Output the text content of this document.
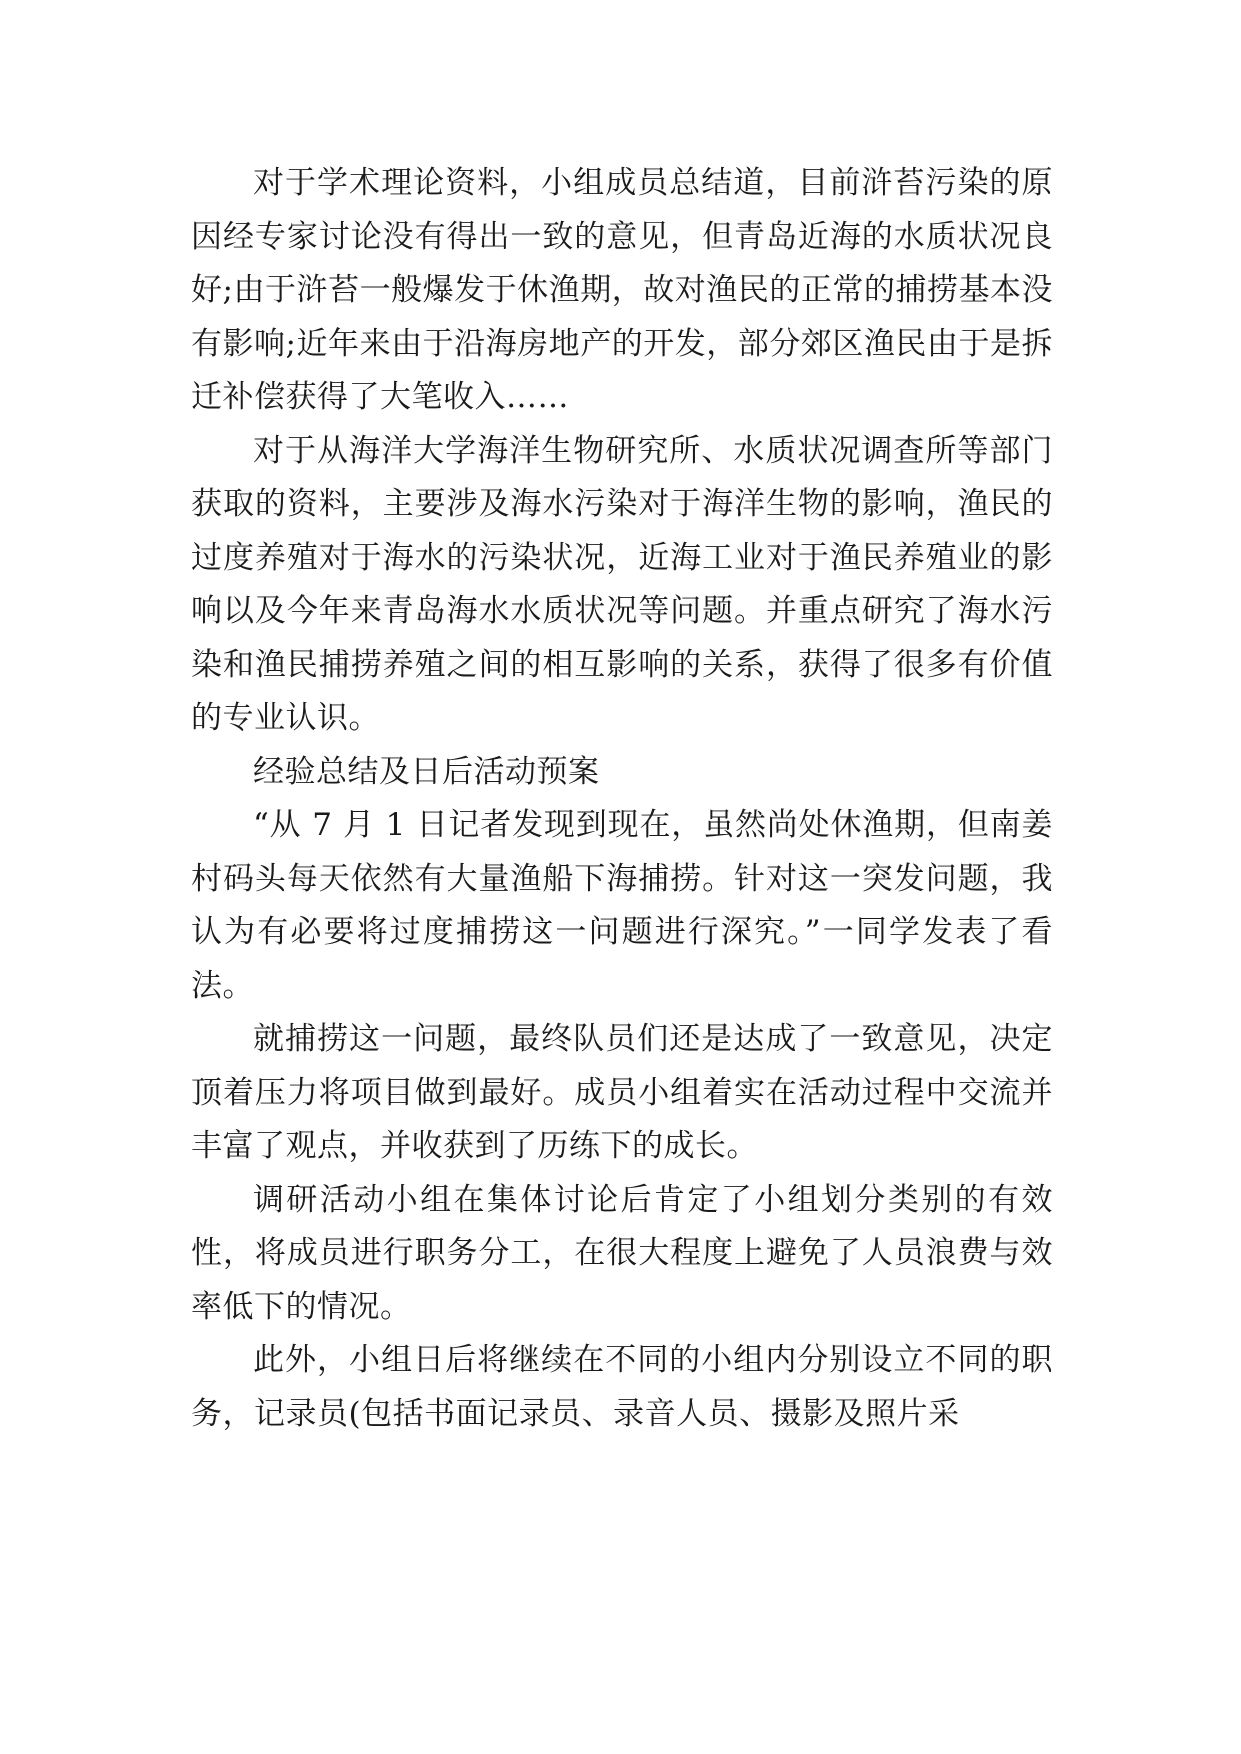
对于学术理论资料，小组成员总结道，目前浒苔污染的原因经专家讨论没有得出一致的意见，但青岛近海的水质状况良好;由于浒苔一般爆发于休渔期，故对渔民的正常的捕捞基本没有影响;近年来由于沿海房地产的开发，部分郊区渔民由于是拆迁补偿获得了大笔收入……

对于从海洋大学海洋生物研究所、水质状况调查所等部门获取的资料，主要涉及海水污染对于海洋生物的影响，渔民的过度养殖对于海水的污染状况，近海工业对于渔民养殖业的影响以及今年来青岛海水水质状况等问题。并重点研究了海水污染和渔民捕捞养殖之间的相互影响的关系，获得了很多有价值的专业认识。

经验总结及日后活动预案

“从 7 月 1 日记者发现到现在，虽然尚处休渔期，但南姜村码头每天依然有大量渔船下海捕捞。针对这一突发问题，我认为有必要将过度捕捞这一问题进行深究。”一同学发表了看法。

就捕捞这一问题，最终队员们还是达成了一致意见，决定顶着压力将项目做到最好。成员小组着实在活动过程中交流并丰富了观点，并收获到了历练下的成长。

调研活动小组在集体讨论后肯定了小组划分类别的有效性，将成员进行职务分工，在很大程度上避免了人员浪费与效率低下的情况。

此外，小组日后将继续在不同的小组内分别设立不同的职务，记录员(包括书面记录员、录音人员、摄影及照片采
